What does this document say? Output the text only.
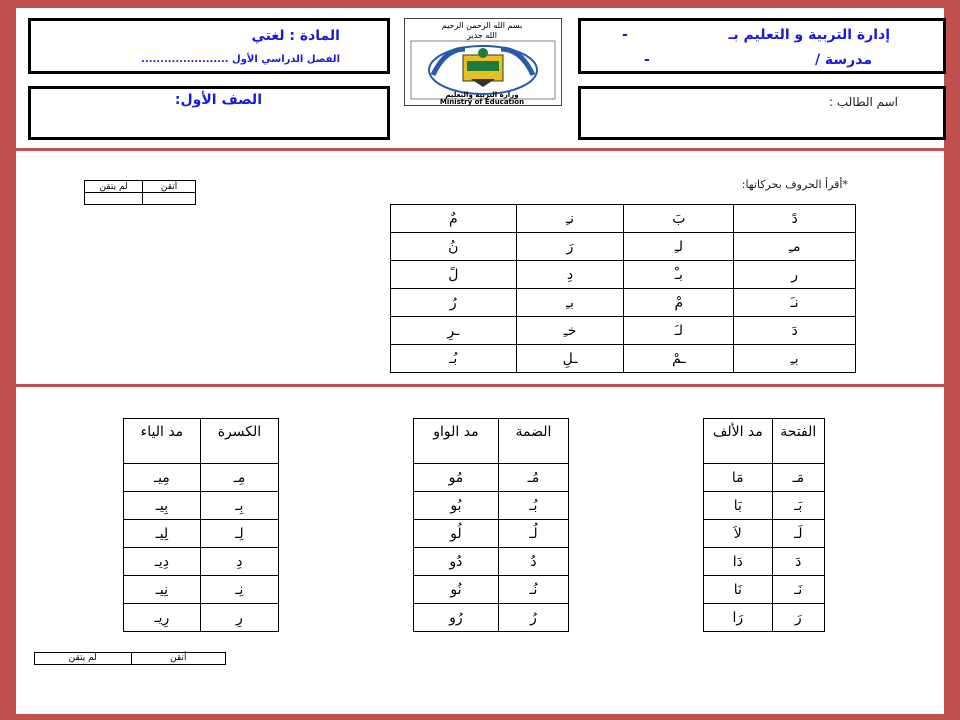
إدارة التربية و التعليم بـ
-
مدرسة /
-
اسم الطالب :
المادة : لغتي
الفصل الدراسي الأول .......................
الصف الأول:
بسم الله الرحمن الرحيم
الله جدير
وزارة التربية والتعليم
Ministry of Education
*أقرأ الحروف بحركاتها:
لم يتقن	أتقن

مٌ	نـِ	بَ	دً
نُ	رَ	لـِ	مـِ
لً	دِ	بـْ	ر
رُ	بـِ	مْ	نـَ
ـرِ	خـِ	لـَ	دَ
بُـ	ـلِ	ـمْ	بـِ
مد الألف	الفتحة
مَا	مَـ
بَا	بَـ
لاَ	لَـ
دَا	دَ
نَا	نَـ
رَا	رَ
مد الواو	الضمة
مُو	مُـ
بُو	بُـ
لُو	لُـ
دُو	دُ
نُو	نُـ
رُو	رُ
مد الياء	الكسرة
مِيـ	مِـ
بِيـ	بِـ
لِيـ	لِـ
دِيـ	دِ
نِيـ	نِـ
رِيـ	رِ
أتقن
لم يتقن
